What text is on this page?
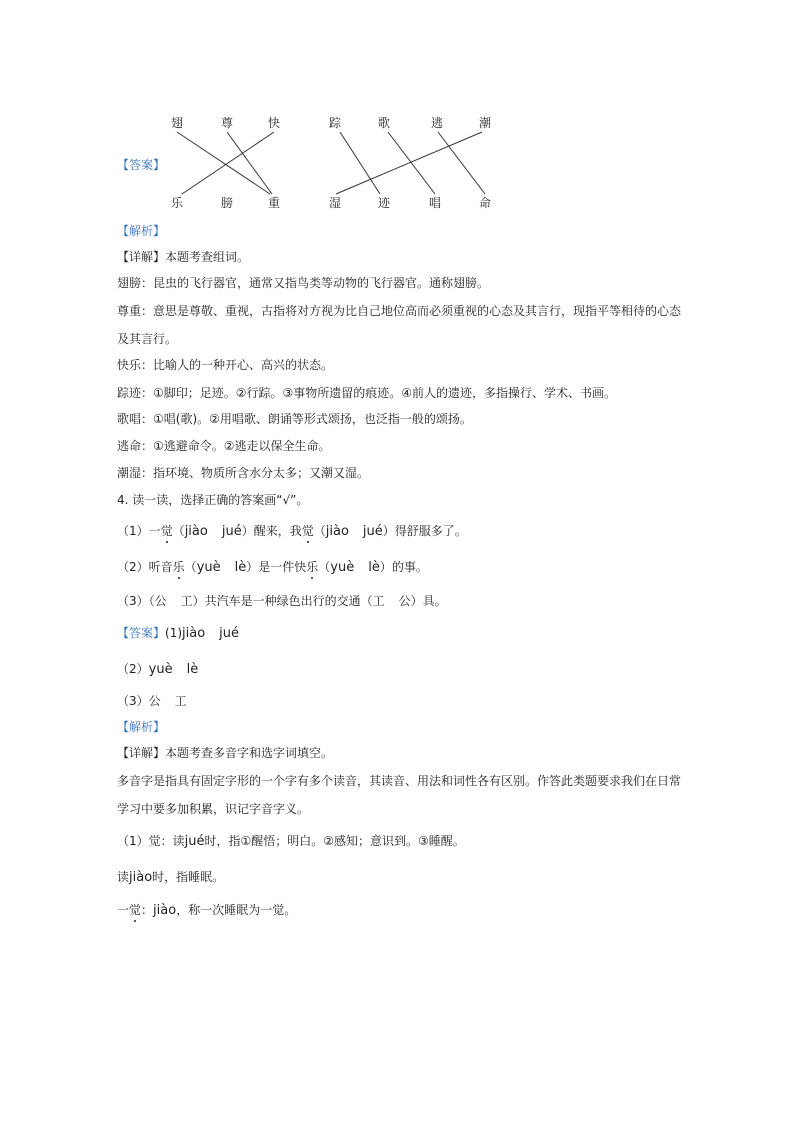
【答案】
翅	尊	快	踪	歌	逃	潮
乐	膀	重	湿	迹	唱	命
【解析】
【详解】本题考查组词。
翅膀：昆虫的飞行器官，通常又指鸟类等动物的飞行器官。通称翅膀。
尊重：意思是尊敬、重视，古指将对方视为比自己地位高而必须重视的心态及其言行，现指平等相待的心态及其言行。
快乐：比喻人的一种开心、高兴的状态。
踪迹：①脚印；足迹。②行踪。③事物所遗留的痕迹。④前人的遗迹，多指操行、学术、书画。
歌唱：①唱(歌)。②用唱歌、朗诵等形式颂扬，也泛指一般的颂扬。
逃命：①逃避命令。②逃走以保全生命。
潮湿：指环境、物质所含水分太多；又潮又湿。
4. 读一读，选择正确的答案画“√”。
（1）一觉（jiào jué）醒来，我觉（jiào jué）得舒服多了。
（2）听音乐（yuè lè）是一件快乐（yuè lè）的事。
（3）（公 工）共汽车是一种绿色出行的交通（工 公）具。
【答案】(1)jiào jué
（2）yuè lè
（3）公 工
【解析】
【详解】本题考查多音字和选字词填空。
多音字是指具有固定字形的一个字有多个读音，其读音、用法和词性各有区别。作答此类题要求我们在日常学习中要多加积累，识记字音字义。
（1）觉：读jué时，指①醒悟；明白。②感知；意识到。③睡醒。
读jiào时，指睡眠。
一觉：jiào，称一次睡眠为一觉。
